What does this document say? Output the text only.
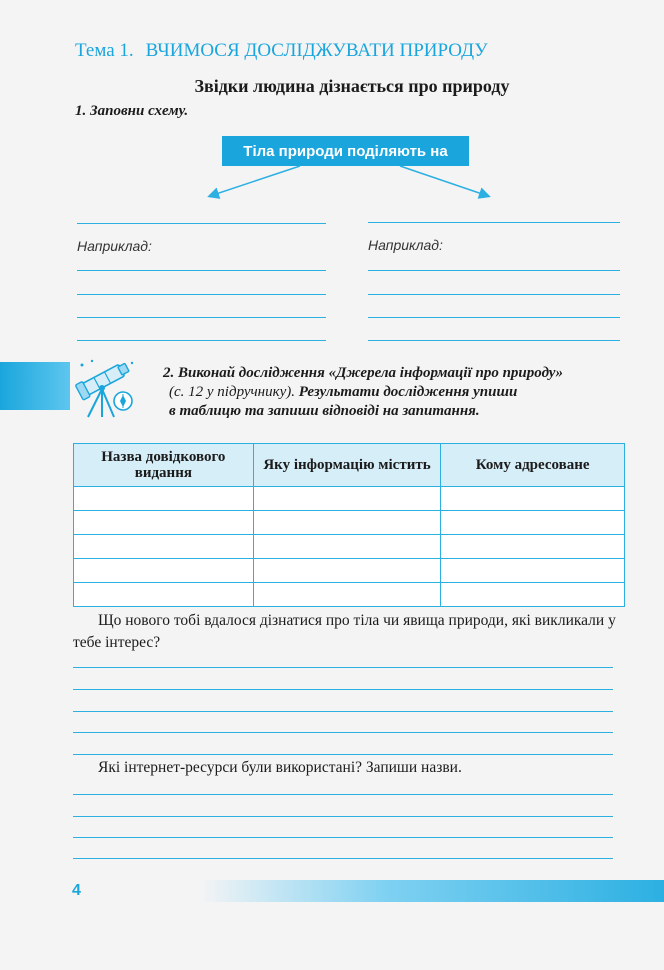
Тема 1. ВЧИМОСЯ ДОСЛІДЖУВАТИ ПРИРОДУ
Звідки людина дізнається про природу
1. Заповни схему.
Тіла природи поділяють на
Наприклад:	Наприклад:
2. Виконай дослідження «Джерела інформації про природу»
(с. 12 у підручнику). Результати дослідження упиши
в таблицю та запиши відповіді на запитання.
Назва довідкового видання	Яку інформацію містить	Кому адресоване

Що нового тобі вдалося дізнатися про тіла чи явища природи, які викликали у тебе інтерес?
Які інтернет-ресурси були використані? Запиши назви.
4
